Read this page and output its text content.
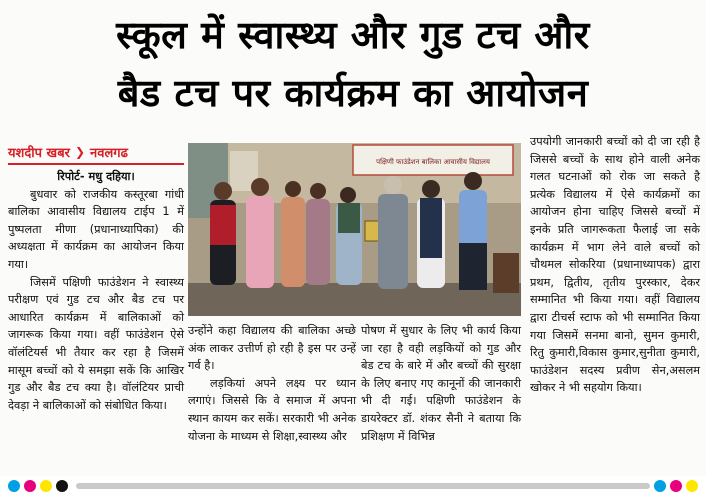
स्कूल में स्वास्थ्य और गुड टच और
बैड टच पर कार्यक्रम का आयोजन
यशदीप खबर ❯ नवलगढ

रिपोर्ट- मधु दहिया।

बुधवार को राजकीय कस्तूरबा गांधी बालिका आवासीय विद्यालय टाईप 1 में पुष्पलता मीणा (प्रधानाध्यापिका) की अध्यक्षता में कार्यक्रम का आयोजन किया गया।

जिसमें पक्षिणी फाउंडेशन ने स्वास्थ्य परीक्षण एवं गुड टच और बैड टच पर आधारित कार्यक्रम में बालिकाओं को जागरूक किया गया। वहीं फाउंडेशन ऐसे वॉलंटियर्स भी तैयार कर रहा है जिसमें मासूम बच्चों को ये समझा सकें कि आखिर गुड और बैड टच क्या है। वॉलंटियर प्राची देवड़ा ने बालिकाओं को संबोधित किया।

पक्षिणी फाउंडेशन बालिका आवासीय विद्यालय

उन्होंने कहा विद्यालय की बालिका अच्छे अंक लाकर उत्तीर्ण हो रही है इस पर उन्हें गर्व है।

लड़कियां अपने लक्ष्य पर ध्यान लगाएं। जिससे कि वे समाज में अपना स्थान कायम कर सकें। सरकारी भी अनेक योजना के माध्यम से शिक्षा,स्वास्थ्य और

पोषण में सुधार के लिए भी कार्य किया जा रहा है वही लड़कियों को गुड और बेड टच के बारे में और बच्चों की सुरक्षा के लिए बनाए गए कानूनों की जानकारी भी दी गई। पक्षिणी फाउंडेशन के डायरेक्टर डॉ. शंकर सैनी ने बताया कि प्रशिक्षण में विभिन्न

उपयोगी जानकारी बच्चों को दी जा रही है जिससे बच्चों के साथ होने वाली अनेक गलत घटनाओं को रोक जा सकते है प्रत्येक विद्यालय में ऐसे कार्यक्रमों का आयोजन होना चाहिए जिससे बच्चों में इनके प्रति जागरूकता फैलाई जा सके कार्यक्रम में भाग लेने वाले बच्चों को चौथमल सोकरिया (प्रधानाध्यापक) द्वारा प्रथम, द्वितीय, तृतीय पुरस्कार, देकर सम्मानित भी किया गया। वहीं विद्यालय द्वारा टीचर्स स्टाफ को भी सम्मानित किया गया जिसमें सनमा बानो, सुमन कुमारी, रितु कुमारी,विकास कुमार,सुनीता कुमारी, फाउंडेशन सदस्य प्रवीण सेन,असलम खोकर ने भी सहयोग किया।
